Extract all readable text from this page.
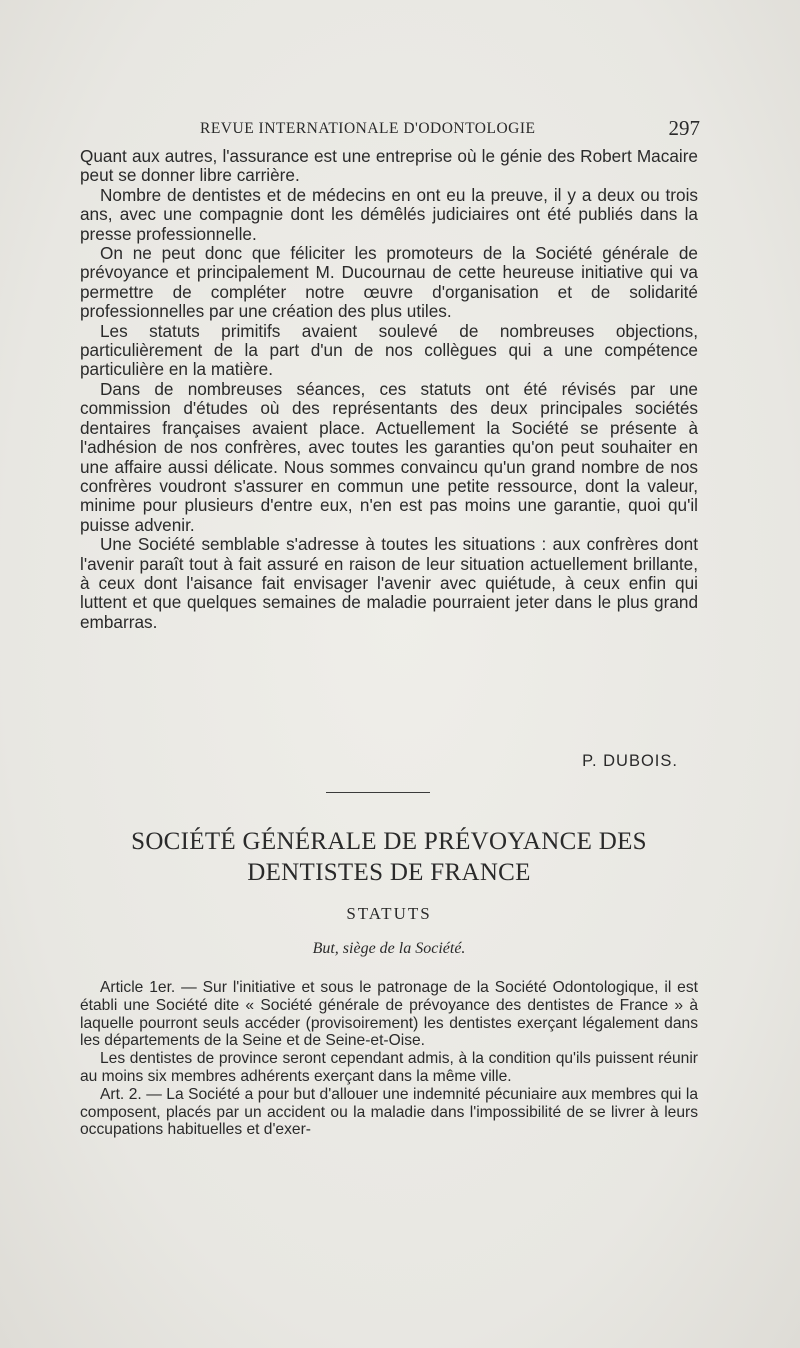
REVUE INTERNATIONALE D'ODONTOLOGIE	297

Quant aux autres, l'assurance est une entreprise où le génie des Robert Macaire peut se donner libre carrière.

Nombre de dentistes et de médecins en ont eu la preuve, il y a deux ou trois ans, avec une compagnie dont les démêlés judiciaires ont été publiés dans la presse professionnelle.

On ne peut donc que féliciter les promoteurs de la Société générale de prévoyance et principalement M. Ducournau de cette heureuse initiative qui va permettre de compléter notre œuvre d'organisation et de solidarité professionnelles par une création des plus utiles.

Les statuts primitifs avaient soulevé de nombreuses objections, particulièrement de la part d'un de nos collègues qui a une compétence particulière en la matière.

Dans de nombreuses séances, ces statuts ont été révisés par une commission d'études où des représentants des deux principales sociétés dentaires françaises avaient place. Actuellement la Société se présente à l'adhésion de nos confrères, avec toutes les garanties qu'on peut souhaiter en une affaire aussi délicate. Nous sommes convaincu qu'un grand nombre de nos confrères voudront s'assurer en commun une petite ressource, dont la valeur, minime pour plusieurs d'entre eux, n'en est pas moins une garantie, quoi qu'il puisse advenir.

Une Société semblable s'adresse à toutes les situations : aux confrères dont l'avenir paraît tout à fait assuré en raison de leur situation actuellement brillante, à ceux dont l'aisance fait envisager l'avenir avec quiétude, à ceux enfin qui luttent et que quelques semaines de maladie pourraient jeter dans le plus grand embarras.

P. DUBOIS.
SOCIÉTÉ GÉNÉRALE DE PRÉVOYANCE DES DENTISTES DE FRANCE
STATUTS
But, siège de la Société.

Article 1er. — Sur l'initiative et sous le patronage de la Société Odontologique, il est établi une Société dite « Société générale de prévoyance des dentistes de France » à laquelle pourront seuls accéder (provisoirement) les dentistes exerçant légalement dans les départements de la Seine et de Seine-et-Oise.

Les dentistes de province seront cependant admis, à la condition qu'ils puissent réunir au moins six membres adhérents exerçant dans la même ville.

Art. 2. — La Société a pour but d'allouer une indemnité pécuniaire aux membres qui la composent, placés par un accident ou la maladie dans l'impossibilité de se livrer à leurs occupations habituelles et d'exer-
